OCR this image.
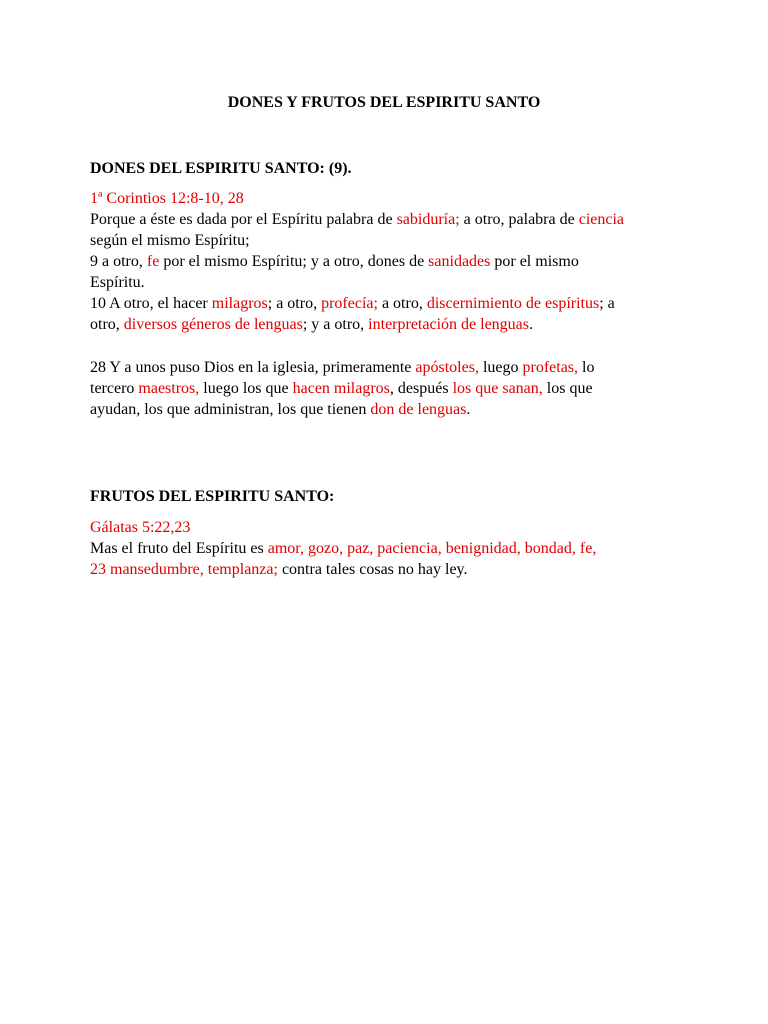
DONES Y FRUTOS DEL ESPIRITU SANTO
DONES DEL ESPIRITU SANTO: (9).
1ª Corintios 12:8-10, 28
Porque a éste es dada por el Espíritu palabra de sabiduría; a otro, palabra de ciencia
según el mismo Espíritu;
9 a otro, fe por el mismo Espíritu; y a otro, dones de sanidades por el mismo
Espíritu.
10 A otro, el hacer milagros; a otro, profecía; a otro, discernimiento de espíritus; a
otro, diversos géneros de lenguas; y a otro, interpretación de lenguas.
28 Y a unos puso Dios en la iglesia, primeramente apóstoles, luego profetas, lo
tercero maestros, luego los que hacen milagros, después los que sanan, los que
ayudan, los que administran, los que tienen don de lenguas.
FRUTOS DEL ESPIRITU SANTO:
Gálatas 5:22,23
Mas el fruto del Espíritu es amor, gozo, paz, paciencia, benignidad, bondad, fe,
23 mansedumbre, templanza; contra tales cosas no hay ley.
